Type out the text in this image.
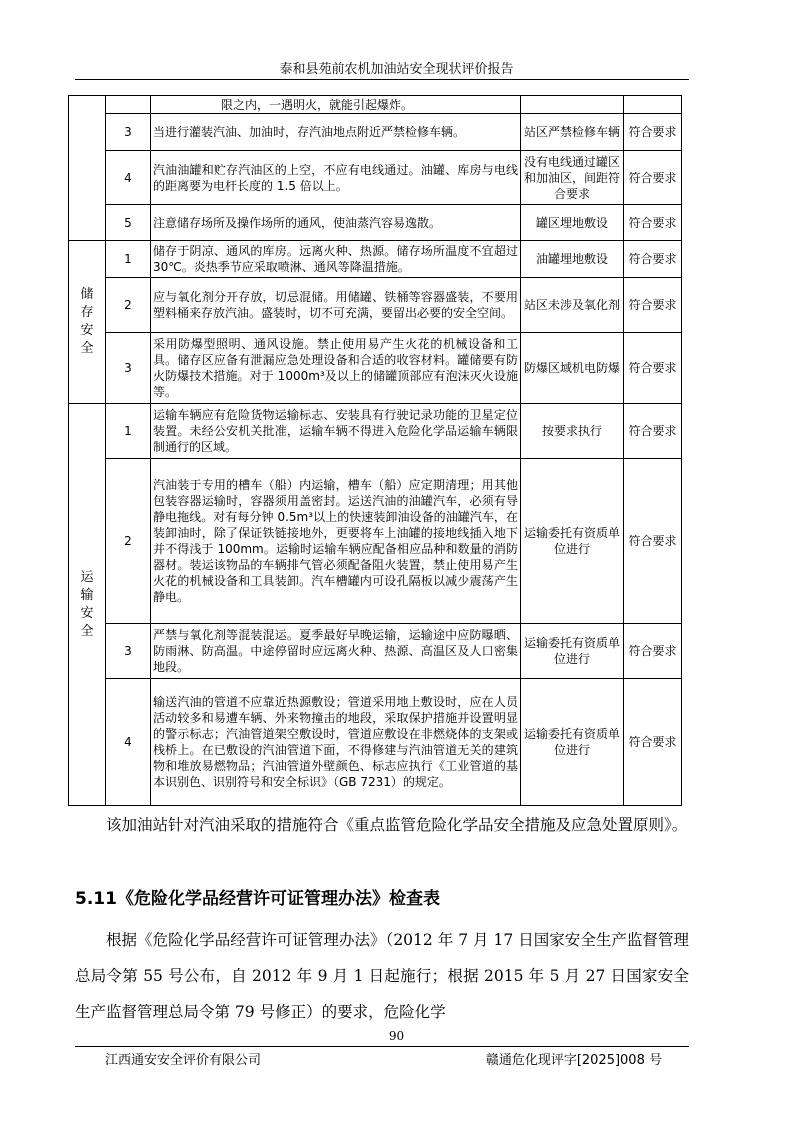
泰和县苑前农机加油站安全现状评价报告
		限之内，一遇明火，就能引起爆炸。		
	3	当进行灌装汽油、加油时，存汽油地点附近严禁检修车辆。	站区严禁检修车辆	符合要求
	4	汽油油罐和贮存汽油区的上空，不应有电线通过。油罐、库房与电线的距离要为电杆长度的 1.5 倍以上。	没有电线通过罐区和加油区，间距符合要求	符合要求
	5	注意储存场所及操作场所的通风，使油蒸汽容易逸散。	罐区埋地敷设	符合要求
储存安全	1	储存于阴凉、通风的库房。远离火种、热源。储存场所温度不宜超过 30℃。炎热季节应采取喷淋、通风等降温措施。	油罐埋地敷设	符合要求
	2	应与氧化剂分开存放，切忌混储。用储罐、铁桶等容器盛装，不要用塑料桶来存放汽油。盛装时，切不可充满，要留出必要的安全空间。	站区未涉及氧化剂	符合要求
	3	采用防爆型照明、通风设施。禁止使用易产生火花的机械设备和工具。储存区应备有泄漏应急处理设备和合适的收容材料。罐储要有防火防爆技术措施。对于 1000m³及以上的储罐顶部应有泡沫灭火设施等。	防爆区域机电防爆	符合要求
运输安全	1	运输车辆应有危险货物运输标志、安装具有行驶记录功能的卫星定位装置。未经公安机关批准，运输车辆不得进入危险化学品运输车辆限制通行的区域。	按要求执行	符合要求
	2	汽油装于专用的槽车（船）内运输，槽车（船）应定期清理；用其他包装容器运输时，容器须用盖密封。运送汽油的油罐汽车，必须有导静电拖线。对有每分钟 0.5m³以上的快速装卸油设备的油罐汽车，在装卸油时，除了保证铁链接地外，更要将车上油罐的接地线插入地下并不得浅于 100mm。运输时运输车辆应配备相应品种和数量的消防器材。装运该物品的车辆排气管必须配备阻火装置，禁止使用易产生火花的机械设备和工具装卸。汽车槽罐内可设孔隔板以减少震荡产生静电。	运输委托有资质单位进行	符合要求
	3	严禁与氧化剂等混装混运。夏季最好早晚运输，运输途中应防曝晒、防雨淋、防高温。中途停留时应远离火种、热源、高温区及人口密集地段。	运输委托有资质单位进行	符合要求
	4	输送汽油的管道不应靠近热源敷设；管道采用地上敷设时，应在人员活动较多和易遭车辆、外来物撞击的地段，采取保护措施并设置明显的警示标志；汽油管道架空敷设时，管道应敷设在非燃烧体的支架或栈桥上。在已敷设的汽油管道下面，不得修建与汽油管道无关的建筑物和堆放易燃物品；汽油管道外壁颜色、标志应执行《工业管道的基本识别色、识别符号和安全标识》（GB 7231）的规定。	运输委托有资质单位进行	符合要求
该加油站针对汽油采取的措施符合《重点监管危险化学品安全措施及应急处置原则》。
5.11《危险化学品经营许可证管理办法》检查表
根据《危险化学品经营许可证管理办法》（2012 年 7 月 17 日国家安全生产监督管理总局令第 55 号公布，自 2012 年 9 月 1 日起施行；根据 2015 年 5 月 27 日国家安全生产监督管理总局令第 79 号修正）的要求，危险化学
90
江西通安安全评价有限公司	赣通危化现评字[2025]008 号
